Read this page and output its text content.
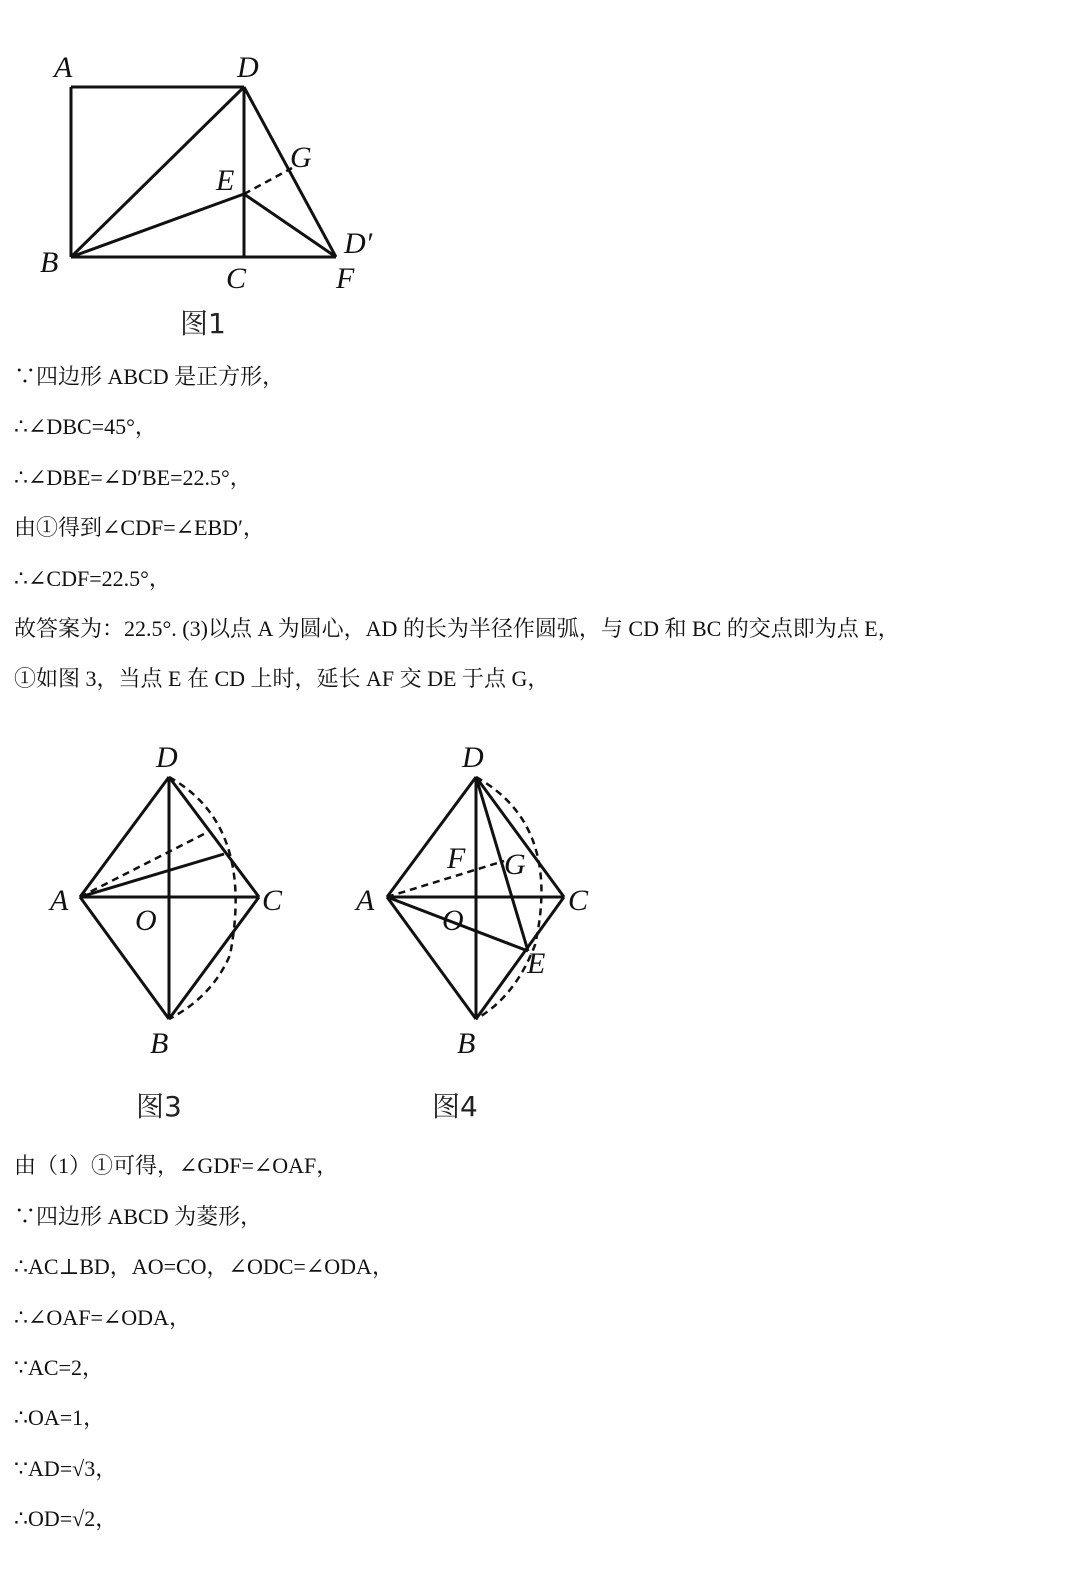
A	D
G
E
D′
B	C	F
图1
∵四边形 ABCD 是正方形，
∴∠DBC=45°，
∴∠DBE=∠D′BE=22.5°，
由①得到∠CDF=∠EBD′，
∴∠CDF=22.5°，
故答案为：22.5°. (3)以点 A 为圆心，AD 的长为半径作圆弧，与 CD 和 BC 的交点即为点 E，
①如图 3，当点 E 在 CD 上时，延长 AF 交 DE 于点 G，
D
A
O
C
B
图3
D
F G
A
O
C
E
B
图4
由（1）①可得，∠GDF=∠OAF，
∵四边形 ABCD 为菱形，
∴AC⊥BD，AO=CO，∠ODC=∠ODA，
∴∠OAF=∠ODA，
∵AC=2，
∴OA=1，
∵AD=√3，
∴OD=√2，
